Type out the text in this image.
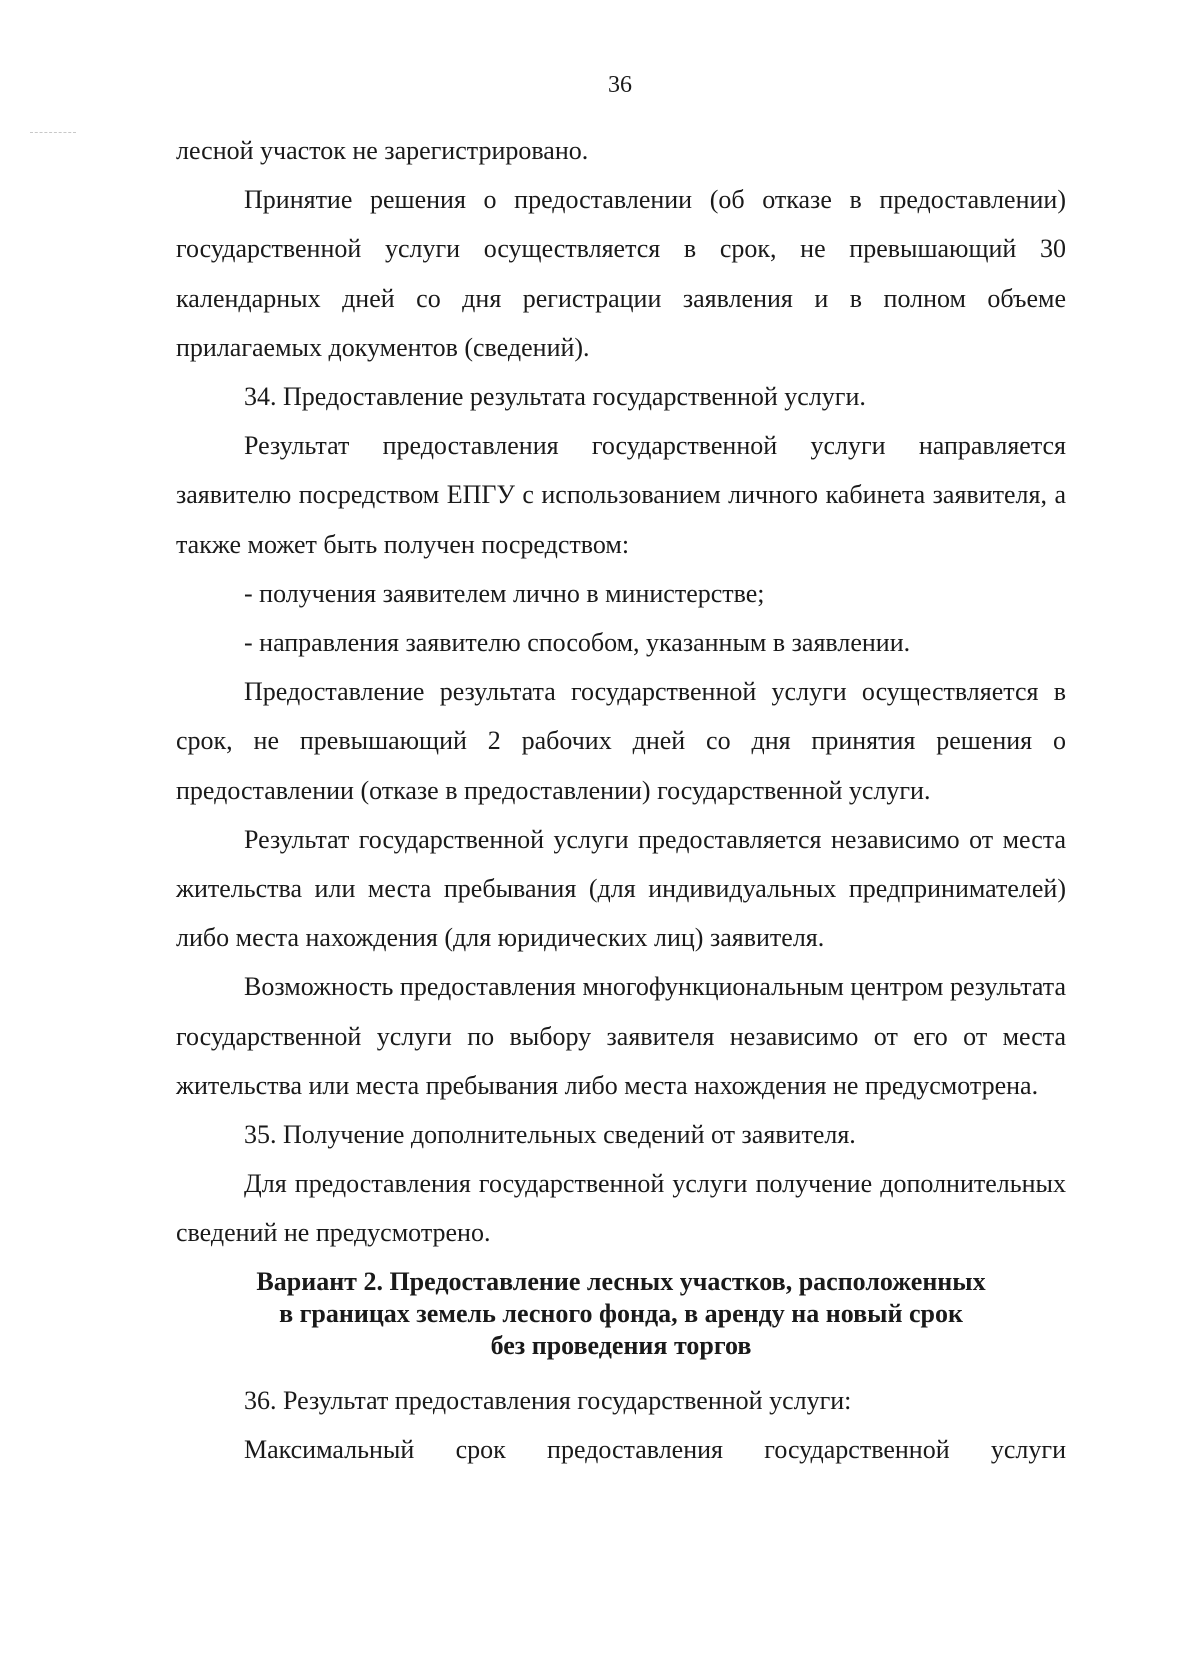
36

лесной участок не зарегистрировано.

Принятие решения о предоставлении (об отказе в предоставлении) государственной услуги осуществляется в срок, не превышающий 30 календарных дней со дня регистрации заявления и в полном объеме прилагаемых документов (сведений).

34. Предоставление результата государственной услуги.

Результат предоставления государственной услуги направляется заявителю посредством ЕПГУ с использованием личного кабинета заявителя, а также может быть получен посредством:

- получения заявителем лично в министерстве;

- направления заявителю способом, указанным в заявлении.

Предоставление результата государственной услуги осуществляется в срок, не превышающий 2 рабочих дней со дня принятия решения о предоставлении (отказе в предоставлении) государственной услуги.

Результат государственной услуги предоставляется независимо от места жительства или места пребывания (для индивидуальных предпринимателей) либо места нахождения (для юридических лиц) заявителя.

Возможность предоставления многофункциональным центром результата государственной услуги по выбору заявителя независимо от его от места жительства или места пребывания либо места нахождения не предусмотрена.

35. Получение дополнительных сведений от заявителя.

Для предоставления государственной услуги получение дополнительных сведений не предусмотрено.

Вариант 2. Предоставление лесных участков, расположенных
в границах земель лесного фонда, в аренду на новый срок
без проведения торгов

36. Результат предоставления государственной услуги:

Максимальный срок предоставления государственной услуги
